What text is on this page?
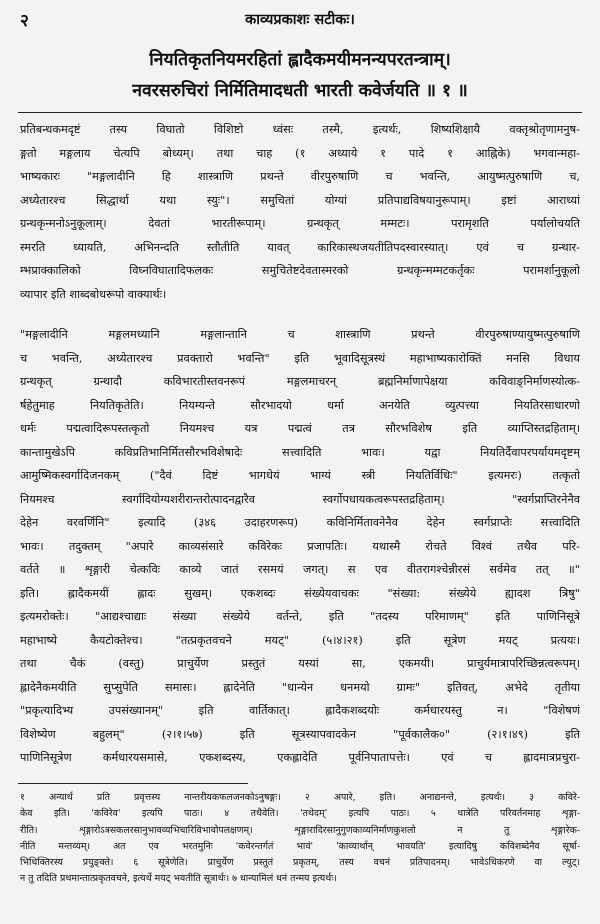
२	काव्यप्रकाशः सटीकः।
नियतिकृतनियमरहितां ह्लादैकमयीमनन्यपरतन्त्राम्।
नवरसरुचिरां निर्मितिमादधती भारती कवेर्जयति ॥ १ ॥

प्रतिबन्धकमदृष्टं तस्य विघातो विशिष्टो ध्वंसः तस्मै, इत्यर्थः, शिष्यशिक्षायै वक्तृश्रोतृणामनुष-
ङ्गतो मङ्गलाय चेत्यपि बोध्यम्। तथा चाह (१ अध्याये १ पादे १ आह्निके) भगवान्महा-
भाष्यकारः "मङ्गलादीनि हि शास्त्राणि प्रथन्ते वीरपुरुषाणि च भवन्ति, आयुष्मत्पुरुषाणि च,
अध्येतारश्च सिद्धार्था यथा स्युः"। समुचितां योग्यां प्रतिपाद्यविषयानुरूपाम्। इष्टां आराध्यां
ग्रन्थकृन्मनोऽनुकूलाम्। देवतां भारतीरूपाम्। ग्रन्थकृत् मम्मटः। परामृशति पर्यालोचयति
स्मरति ध्यायति, अभिनन्दति स्तौतीति यावत् कारिकास्थजयतीतिपदस्वारस्यात्। एवं च ग्रन्थार-
म्भप्राक्कालिको विघ्नविघातादिफलकः समुचितेष्टदेवतास्मरको ग्रन्थकृन्मम्मटकर्तृकः परामर्शानुकूलो
व्यापार इति शाब्दबोधरूपो वाक्यार्थः।

"मङ्गलादीनि मङ्गलमध्यानि मङ्गलान्तानि च शास्त्राणि प्रथन्ते वीरपुरुषाण्यायुष्मत्पुरुषाणि
च भवन्ति, अध्येतारश्च प्रवक्तारो भवन्ति" इति भूवादिसूत्रस्थं महाभाष्यकारोक्तिं मनसि विधाय
ग्रन्थकृत् ग्रन्थादौ कविभारतीस्तवनरूपं मङ्गलमाचरन् ब्रह्मनिर्माणापेक्षया कविवाङ्निर्माणस्योत्क-
र्षहेतुमाह नियतिकृतेति। नियम्यन्ते सौरभादयो धर्मा अनयेति व्युत्पत्त्या नियतिरसाधारणो
धर्मः पद्मत्वादिरूपस्तत्कृतो नियमश्च यत्र पद्मत्वं तत्र सौरभविशेष इति व्याप्तिस्तद्रहिताम्।
कान्तामुखेऽपि कविप्रतिभानिर्मितसौरभविशेषादेः सत्त्वादिति भावः। यद्वा नियतिर्दैवापरपर्यायमदृष्टम्
आमुष्मिकस्वर्गादिजनकम् ("दैवं दिष्टं भागधेयं भाग्यं स्त्री नियतिर्विधिः" इत्यमरः) तत्कृतो
नियमश्च स्वर्गादियोग्यशरीरान्तरोत्पादनद्वारैव स्वर्गोपधायकत्वरूपस्तद्रहिताम्। "स्वर्गप्राप्तिरनेनैव
देहेन वरवर्णिनि" इत्यादि (३४६ उदाहरणरूप) कविनिर्मितावनेनैव देहेन स्वर्गप्राप्तेः सत्त्वादिति
भावः। तदुक्तम् "अपारे काव्यसंसारे कविरेकः प्रजापतिः। यथास्मै रोचते विश्वं तथैव परि-
वर्तते ॥ शृङ्गारी चेत्कविः काव्ये जातं रसमयं जगत्। स एव वीतरागश्चेन्नीरसं सर्वमेव तत् ॥"
इति। ह्लादैकमयीं ह्लादः सुखम्। एकशब्दः संख्येयवाचकः "संख्या: संख्येये ह्यादश त्रिषु"
इत्यमरोक्तेः। "आद्यश्चाद्याः संख्या संख्येये वर्तन्ते, इति "तदस्य परिमाणम्" इति पाणिनिसूत्रे
महाभाष्ये कैयटोक्तेश्च। "तत्प्रकृतवचने मयट्" (५।४।२१) इति सूत्रेण मयट् प्रत्ययः।
तथा चैकं (वस्तु) प्राचुर्येण प्रस्तुतं यस्यां सा, एकमयी। प्राचुर्यमात्रापरिच्छिन्नत्वरूपम्।
ह्लादेनैकमयीति सुप्सुपेति समासः। ह्लादेनेति "धान्येन धनमयो ग्रामः" इतिवत्, अभेदे तृतीया
"प्रकृत्यादिभ्य उपसंख्यानम्" इति वार्तिकात्। ह्लादैकशब्दयोः कर्मधारयस्तु न। "विशेषणं
विशेष्येण बहुलम्" (२।१।५७) इति सूत्रस्यापवादकेन "पूर्वकालैक०" (२।१।४९) इति
पाणिनिसूत्रेण कर्मधारयसमासे, एकशब्दस्य, एकह्लादेति पूर्वनिपातापत्तेः। एवं च ह्लादमात्रप्रचुरा-

१ अन्यार्थ प्रति प्रवृत्तस्य नान्तरीयकफलजनकोऽनुषङ्गः। २ अपारे, इति। अनाद्यनन्ते, इत्यर्थः। ३ कविरे-
केव इति। 'कविरेव' इत्यपि पाठः। ४ तथैवेति। 'तथेदम्' इत्यपि पाठः। ५ धात्रेति परिवर्तनमाह शृङ्गा-
रीति। शृङ्गारोऽत्रसकलरसानुभावव्यभिचारिविभावोपलक्षणम्। शृङ्गारादिरसानुगुणकाव्यनिर्माणकुशलो न तु शृङ्गारेक-
नीति मन्तव्यम्। अत एव भरतमुनिः 'कवेरन्तर्गतं भावं' 'काव्यार्थान् भावयति' इत्यादिषु कविशब्देनैव सूर्षा-
भिधिक्तिरस्य प्रयुङ्क्ते। ६ सूत्रेणेति। प्राचुर्येण प्रस्तुतं प्रकृतम्, तस्य वचनं प्रतिपादनम्। भावेऽधिकरणे वा ल्युट्।
न तु तदिति प्रथमान्तात्प्रकृतवचने, इत्यर्थे मयट् भवतीति सूत्रार्थः। ७ धान्यामिलं धनं तन्मय इत्यर्थः।
